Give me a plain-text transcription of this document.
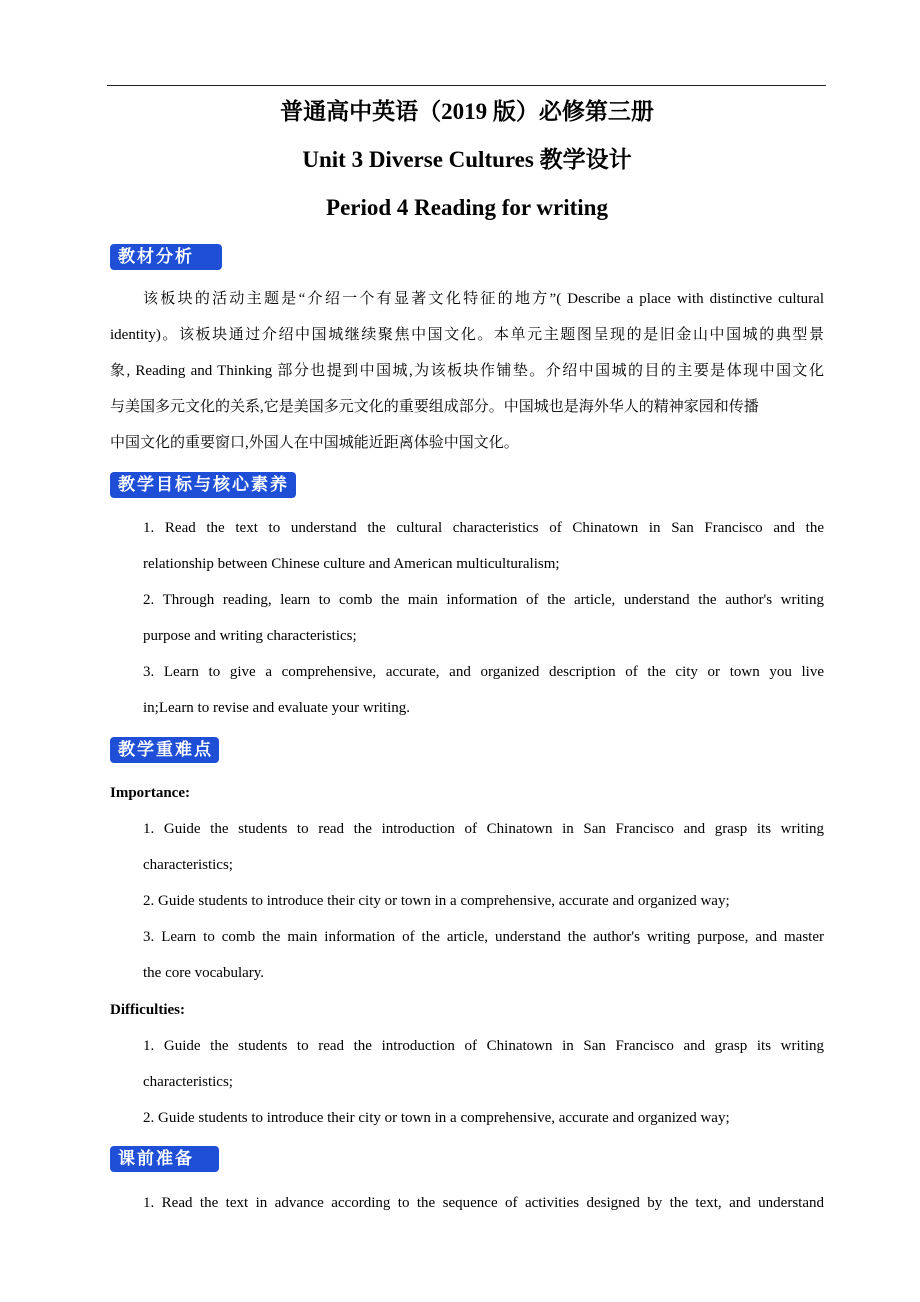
普通高中英语（2019 版）必修第三册
Unit 3 Diverse Cultures 教学设计
Period 4 Reading for writing
教材分析
该板块的活动主题是“介绍一个有显著文化特征的地方”( Describe a place with distinctive cultural
identity)。该板块通过介绍中国城继续聚焦中国文化。本单元主题图呈现的是旧金山中国城的典型景
象, Reading and Thinking 部分也提到中国城,为该板块作铺垫。介绍中国城的目的主要是体现中国文化
与美国多元文化的关系,它是美国多元文化的重要组成部分。中国城也是海外华人的精神家园和传播
中国文化的重要窗口,外国人在中国城能近距离体验中国文化。
教学目标与核心素养
1. Read the text to understand the cultural characteristics of Chinatown in San Francisco and the
relationship between Chinese culture and American multiculturalism;
2. Through reading, learn to comb the main information of the article, understand the author's writing
purpose and writing characteristics;
3. Learn to give a comprehensive, accurate, and organized description of the city or town you live
in;Learn to revise and evaluate your writing.
教学重难点
Importance:
1. Guide the students to read the introduction of Chinatown in San Francisco and grasp its writing
characteristics;
2. Guide students to introduce their city or town in a comprehensive, accurate and organized way;
3. Learn to comb the main information of the article, understand the author's writing purpose, and master
the core vocabulary.
Difficulties:
1. Guide the students to read the introduction of Chinatown in San Francisco and grasp its writing
characteristics;
2. Guide students to introduce their city or town in a comprehensive, accurate and organized way;
课前准备
1. Read the text in advance according to the sequence of activities designed by the text, and understand
